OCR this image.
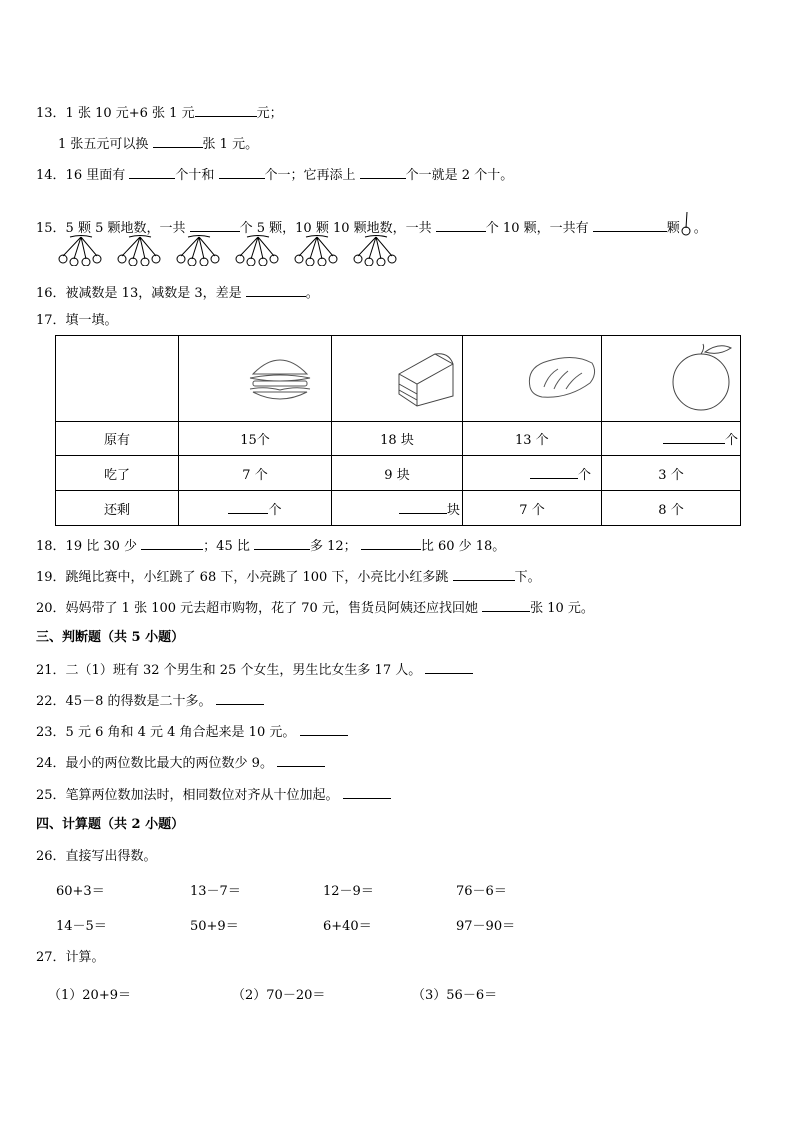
13．1 张 10 元+6 张 1 元	元；
1 张五元可以换	张 1 元。
14．16 里面有	个十和	个一；它再添上	个一就是 2 个十。
15．5 颗 5 颗地数，一共	个 5 颗，10 颗 10 颗地数，一共	个 10 颗，一共有	颗 。
16．被减数是 13，减数是 3，差是	。
17．填一填。

原有	15个	18 块	13 个	个
吃了	7 个	9 块	个	3 个
还剩	个	块	7 个	8 个
18．19 比 30 少	；45 比	多 12；	比 60 少 18。
19．跳绳比赛中，小红跳了 68 下，小亮跳了 100 下，小亮比小红多跳	下。
20．妈妈带了 1 张 100 元去超市购物，花了 70 元，售货员阿姨还应找回她	张 10 元。
三、判断题（共 5 小题）
21．二（1）班有 32 个男生和 25 个女生，男生比女生多 17 人。
22．45－8 的得数是二十多。
23．5 元 6 角和 4 元 4 角合起来是 10 元。
24．最小的两位数比最大的两位数少 9。
25．笔算两位数加法时，相同数位对齐从十位加起。
四、计算题（共 2 小题）
26．直接写出得数。
60+3＝	13－7＝	12－9＝	76－6＝
14－5＝	50+9＝	6+40＝	97－90＝
27．计算。
（1）20+9＝	（2）70－20＝	（3）56－6＝
